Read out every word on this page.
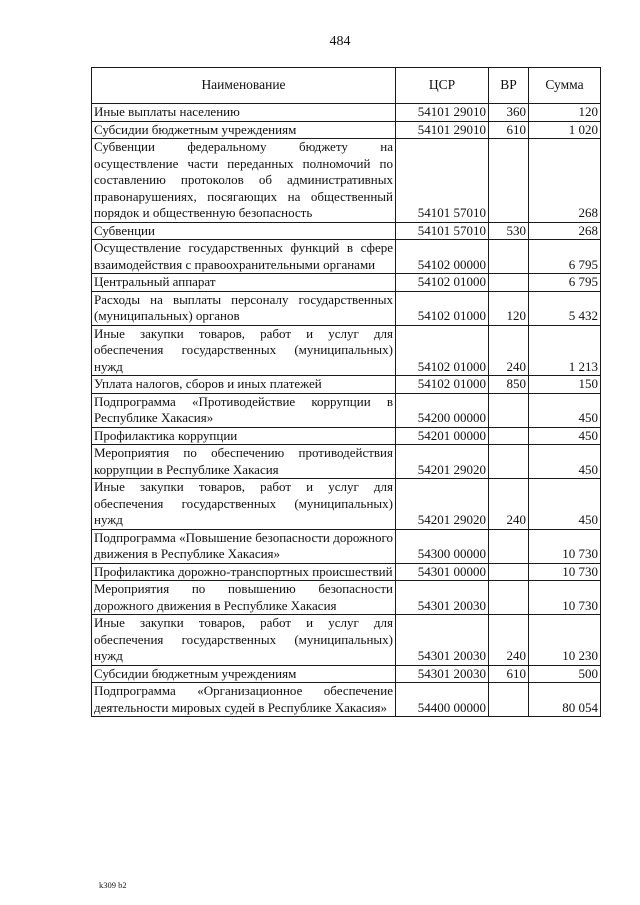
484
Наименование	ЦСР	ВР	Сумма
Иные выплаты населению	54101 29010	360	120
Субсидии бюджетным учреждениям	54101 29010	610	1 020
Субвенции федеральному бюджету на осуществление части переданных полномочий по составлению протоколов об административных правонарушениях, посягающих на общественный порядок и общественную безопасность	54101 57010		268
Субвенции	54101 57010	530	268
Осуществление государственных функций в сфере взаимодействия с правоохранительными органами	54102 00000		6 795
Центральный аппарат	54102 01000		6 795
Расходы на выплаты персоналу государственных (муниципальных) органов	54102 01000	120	5 432
Иные закупки товаров, работ и услуг для обеспечения государственных (муниципальных) нужд	54102 01000	240	1 213
Уплата налогов, сборов и иных платежей	54102 01000	850	150
Подпрограмма «Противодействие коррупции в Республике Хакасия»	54200 00000		450
Профилактика коррупции	54201 00000		450
Мероприятия по обеспечению противодействия коррупции в Республике Хакасия	54201 29020		450
Иные закупки товаров, работ и услуг для обеспечения государственных (муниципальных) нужд	54201 29020	240	450
Подпрограмма «Повышение безопасности дорожного движения в Республике Хакасия»	54300 00000		10 730
Профилактика дорожно-транспортных происшествий	54301 00000		10 730
Мероприятия по повышению безопасности дорожного движения в Республике Хакасия	54301 20030		10 730
Иные закупки товаров, работ и услуг для обеспечения государственных (муниципальных) нужд	54301 20030	240	10 230
Субсидии бюджетным учреждениям	54301 20030	610	500
Подпрограмма «Организационное обеспечение деятельности мировых судей в Республике Хакасия»	54400 00000		80 054
k309 b2
